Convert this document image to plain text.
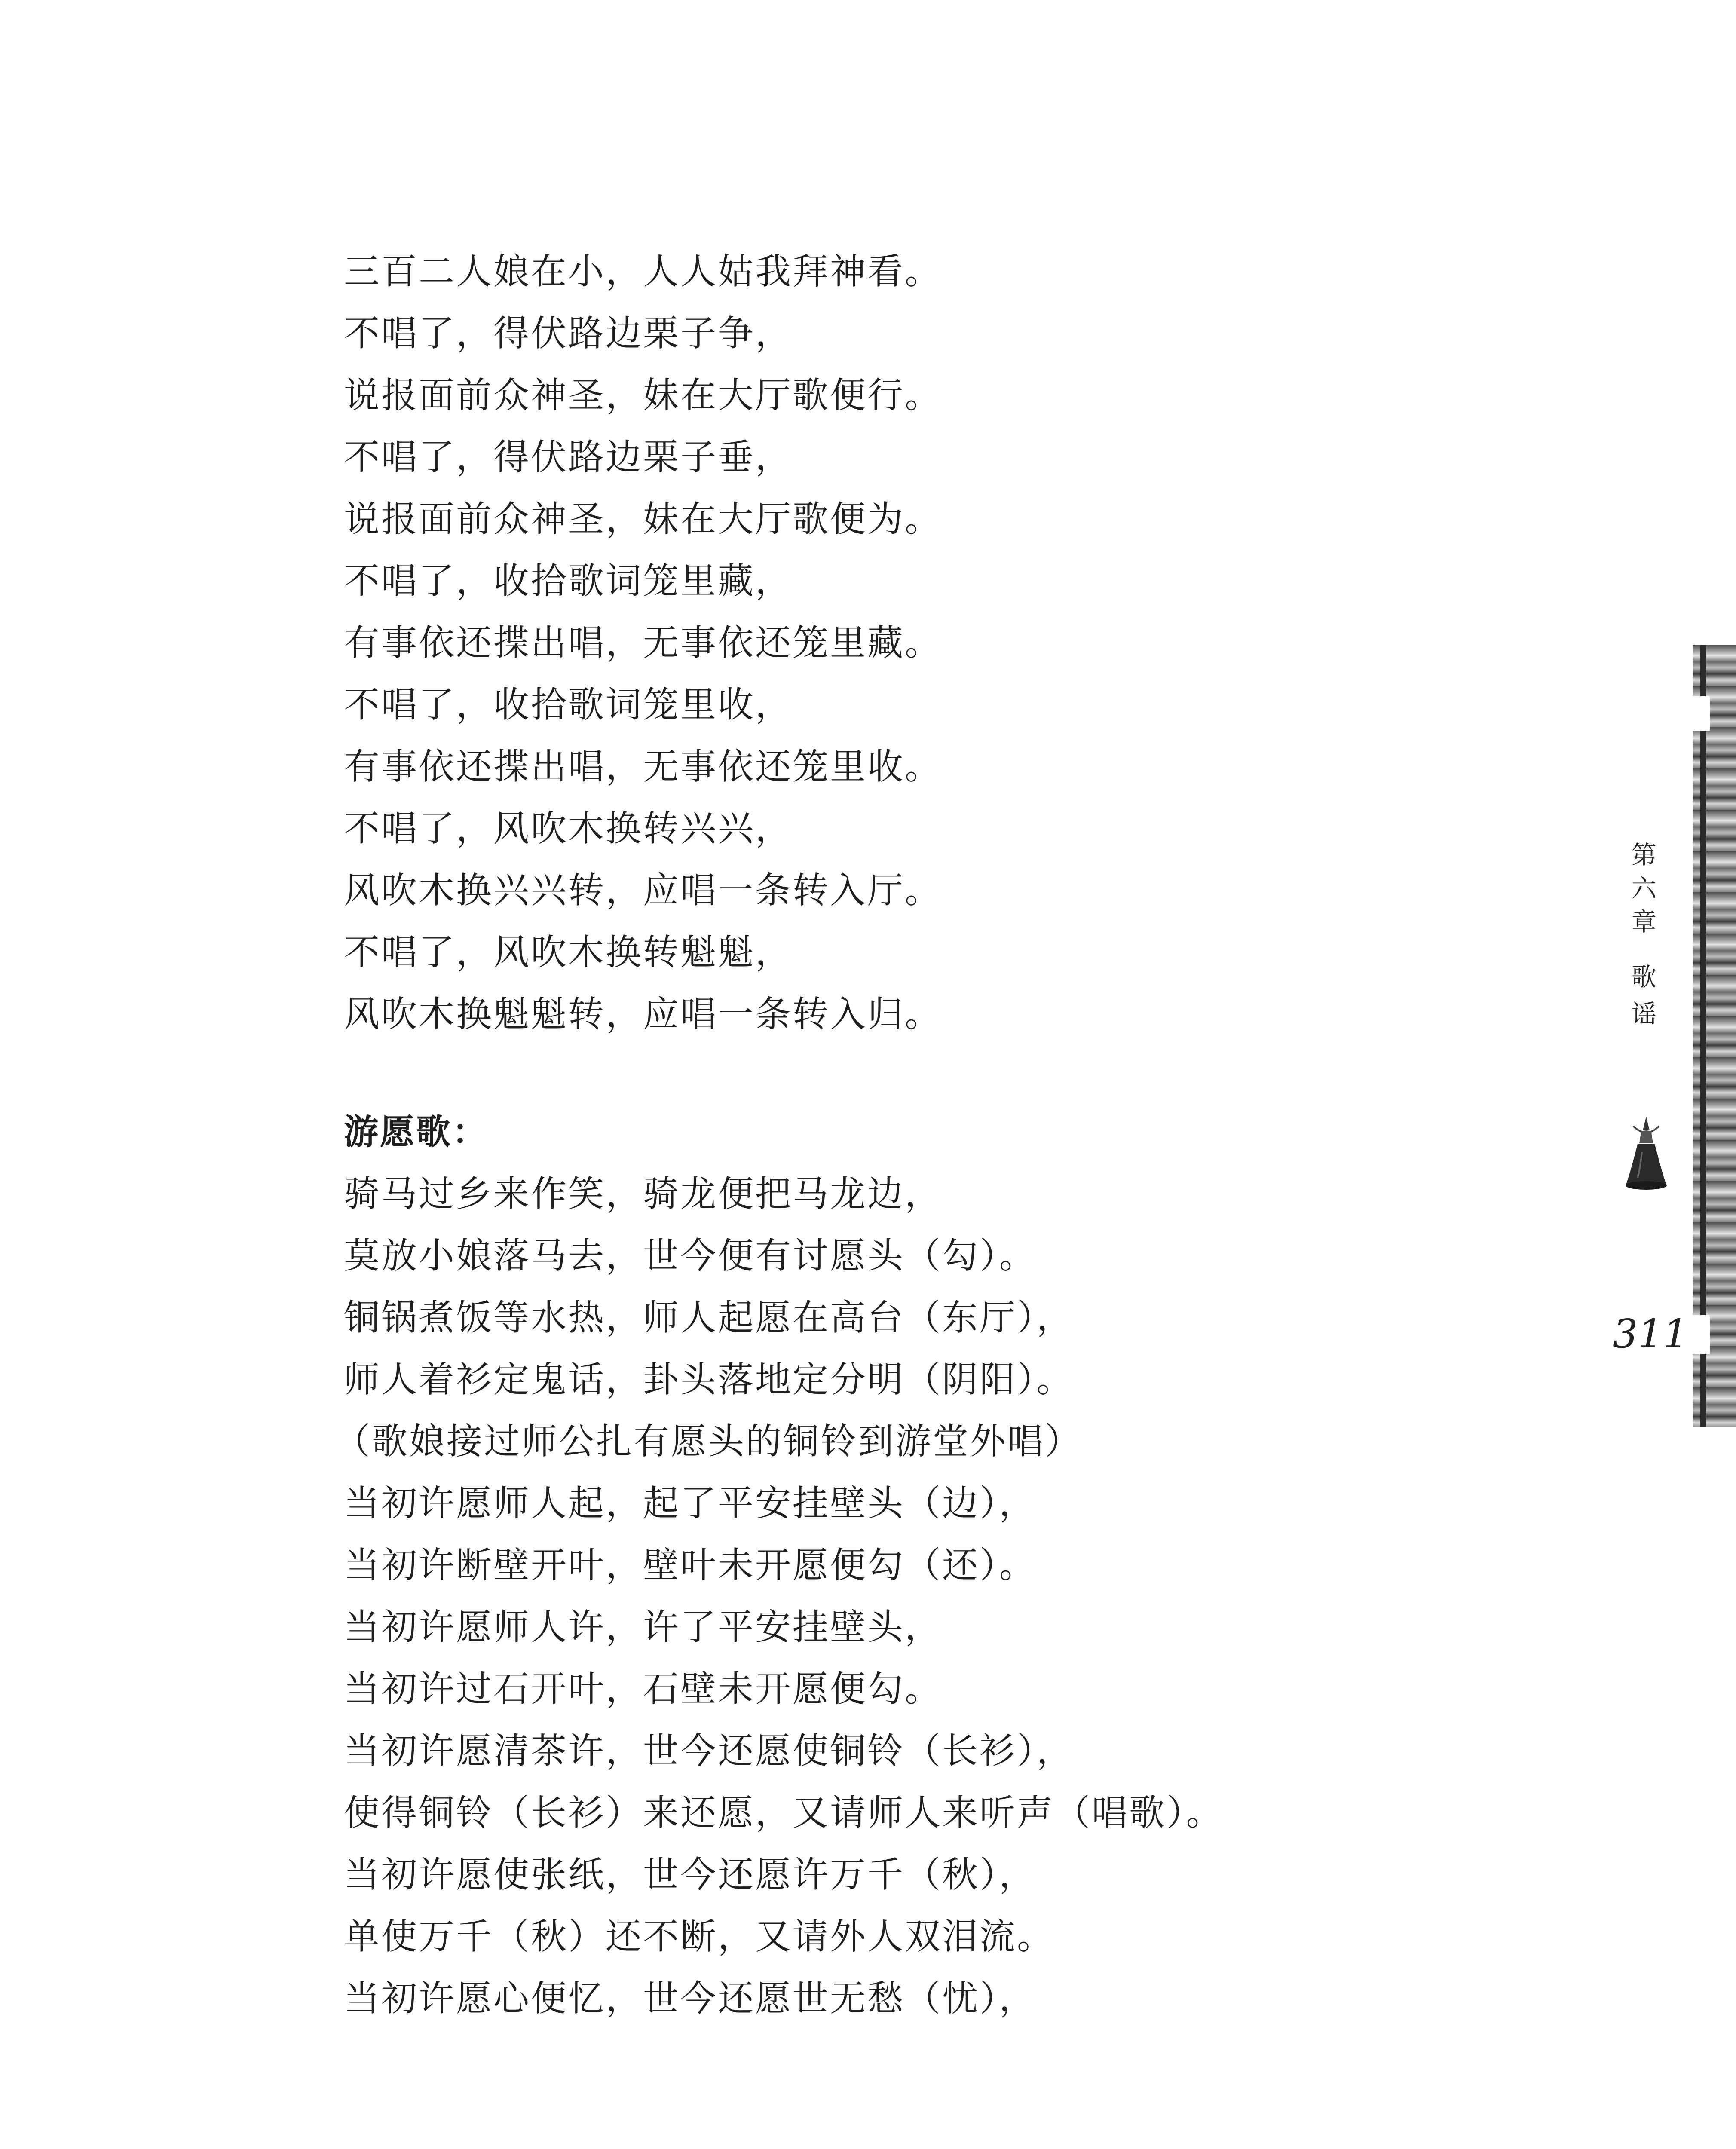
三百二人娘在小，人人姑我拜神看。
不唱了，得伏路边栗子争，
说报面前众神圣，妹在大厅歌便行。
不唱了，得伏路边栗子垂，
说报面前众神圣，妹在大厅歌便为。
不唱了，收拾歌词笼里藏，
有事依还揲出唱，无事依还笼里藏。
不唱了，收拾歌词笼里收，
有事依还揲出唱，无事依还笼里收。
不唱了，风吹木换转兴兴，
风吹木换兴兴转，应唱一条转入厅。
不唱了，风吹木换转魁魁，
风吹木换魁魁转，应唱一条转入归。
游愿歌：
骑马过乡来作笑，骑龙便把马龙边，
莫放小娘落马去，世今便有讨愿头（勾）。
铜锅煮饭等水热，师人起愿在高台（东厅），
师人着衫定鬼话，卦头落地定分明（阴阳）。
（歌娘接过师公扎有愿头的铜铃到游堂外唱）
当初许愿师人起，起了平安挂壁头（边），
当初许断壁开叶，壁叶未开愿便勾（还）。
当初许愿师人许，许了平安挂壁头，
当初许过石开叶，石壁未开愿便勾。
当初许愿清茶许，世今还愿使铜铃（长衫），
使得铜铃（长衫）来还愿，又请师人来听声（唱歌）。
当初许愿使张纸，世今还愿许万千（秋），
单使万千（秋）还不断，又请外人双泪流。
当初许愿心便忆，世今还愿世无愁（忧），
第
六
章
歌
谣
311
